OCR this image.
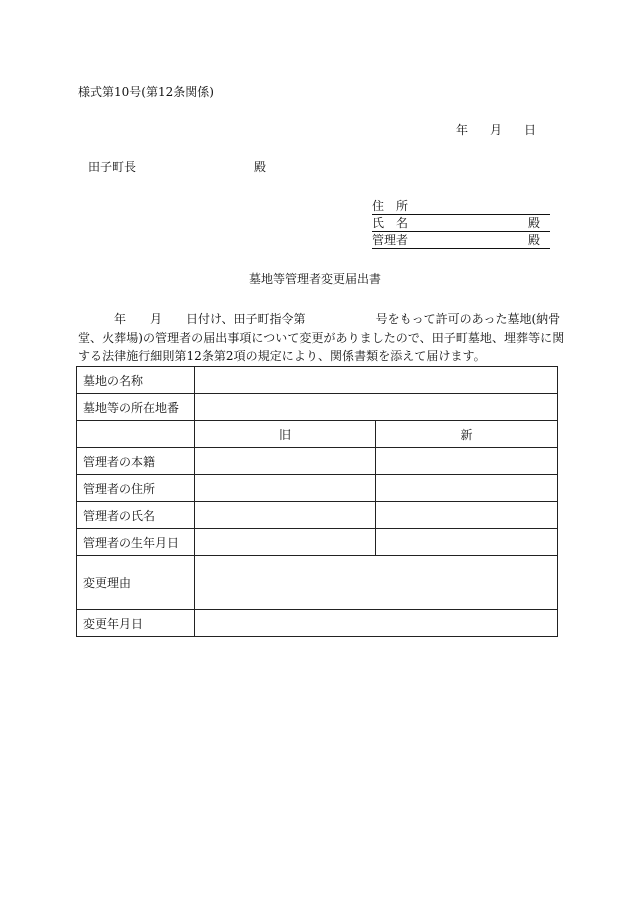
様式第10号(第12条関係)
年 月 日
田子町長	殿
住　所
氏　名	殿
管理者	殿
墓地等管理者変更届出書
年 月 日付け、田子町指令第	号をもって許可のあった墓地(納骨
堂、火葬場)の管理者の届出事項について変更がありましたので、田子町墓地、埋葬等に関
する法律施行細則第12条第2項の規定により、関係書類を添えて届けます。
墓地の名称		
墓地等の所在地番		
	旧	新
管理者の本籍		
管理者の住所		
管理者の氏名		
管理者の生年月日		
変更理由		
変更年月日		
